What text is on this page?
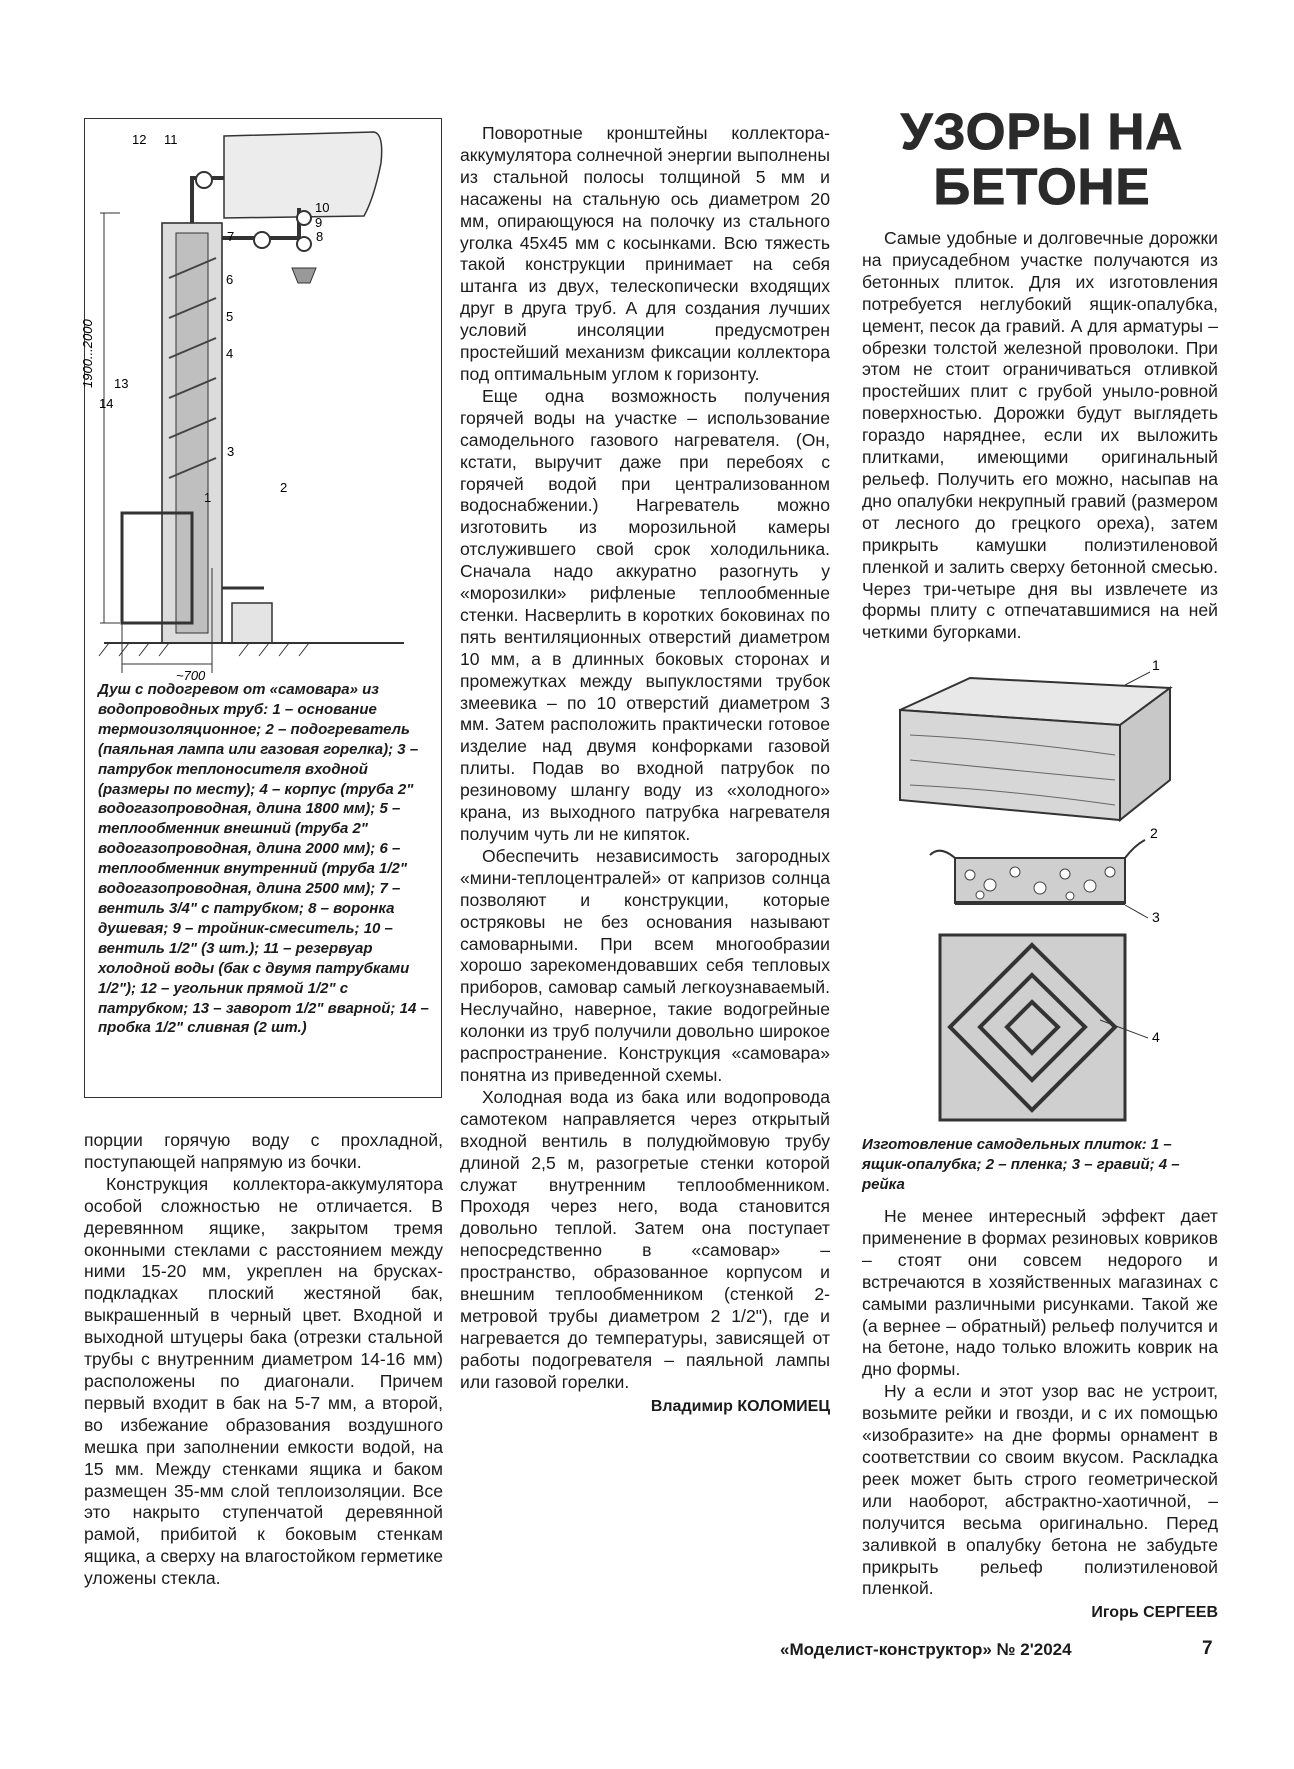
1900...2000
~700
1
2
3
4
5
6
7	8
9
10
11
12
13
14
Душ с подогревом от «самовара» из водопроводных труб: 1 – основание термоизоляционное; 2 – подогреватель (паяльная лампа или газовая горелка); 3 – патрубок теплоносителя входной (размеры по месту); 4 – корпус (труба 2" водогазопроводная, длина 1800 мм); 5 – теплообменник внешний (труба 2" водогазопроводная, длина 2000 мм); 6 – теплообменник внутренний (труба 1/2" водогазопроводная, длина 2500 мм); 7 – вентиль 3/4" с патрубком; 8 – воронка душевая; 9 – тройник-смеситель; 10 – вентиль 1/2" (3 шт.); 11 – резервуар холодной воды (бак с двумя патрубками 1/2"); 12 – угольник прямой 1/2" с патрубком; 13 – заворот 1/2" вварной; 14 – пробка 1/2" сливная (2 шт.)

порции горячую воду с прохладной, поступающей напрямую из бочки.

Конструкция коллектора-аккумулятора особой сложностью не отличается. В деревянном ящике, закрытом тремя оконными стеклами с расстоянием между ними 15-20 мм, укреплен на брусках-подкладках плоский жестяной бак, выкрашенный в черный цвет. Входной и выходной штуцеры бака (отрезки стальной трубы с внутренним диаметром 14-16 мм) расположены по диагонали. Причем первый входит в бак на 5-7 мм, а второй, во избежание образования воздушного мешка при заполнении емкости водой, на 15 мм. Между стенками ящика и баком размещен 35-мм слой теплоизоляции. Все это накрыто ступенчатой деревянной рамой, прибитой к боковым стенкам ящика, а сверху на влагостойком герметике уложены стекла.

Поворотные кронштейны коллектора-аккумулятора солнечной энергии выполнены из стальной полосы толщиной 5 мм и насажены на стальную ось диаметром 20 мм, опирающуюся на полочку из стального уголка 45х45 мм с косынками. Всю тяжесть такой конструкции принимает на себя штанга из двух, телескопически входящих друг в друга труб. А для создания лучших условий инсоляции предусмотрен простейший механизм фиксации коллектора под оптимальным углом к горизонту.

Еще одна возможность получения горячей воды на участке – использование самодельного газового нагревателя. (Он, кстати, выручит даже при перебоях с горячей водой при централизованном водоснабжении.) Нагреватель можно изготовить из морозильной камеры отслужившего свой срок холодильника. Сначала надо аккуратно разогнуть у «морозилки» рифленые теплообменные стенки. Насверлить в коротких боковинах по пять вентиляционных отверстий диаметром 10 мм, а в длинных боковых сторонах и промежутках между выпуклостями трубок змеевика – по 10 отверстий диаметром 3 мм. Затем расположить практически готовое изделие над двумя конфорками газовой плиты. Подав во входной патрубок по резиновому шлангу воду из «холодного» крана, из выходного патрубка нагревателя получим чуть ли не кипяток.

Обеспечить независимость загородных «мини-теплоцентралей» от капризов солнца позволяют и конструкции, которые остряковы не без основания называют самоварными. При всем многообразии хорошо зарекомендовавших себя тепловых приборов, самовар самый легкоузнаваемый. Неслучайно, наверное, такие водогрейные колонки из труб получили довольно широкое распространение. Конструкция «самовара» понятна из приведенной схемы.

Холодная вода из бака или водопровода самотеком направляется через открытый входной вентиль в полудюймовую трубу длиной 2,5 м, разогретые стенки которой служат внутренним теплообменником. Проходя через него, вода становится довольно теплой. Затем она поступает непосредственно в «самовар» – пространство, образованное корпусом и внешним теплообменником (стенкой 2-метровой трубы диаметром 2 1/2"), где и нагревается до температуры, зависящей от работы подогревателя – паяльной лампы или газовой горелки.

Владимир КОЛОМИЕЦ
УЗОРЫ НА
БЕТОНЕ

Самые удобные и долговечные дорожки на приусадебном участке получаются из бетонных плиток. Для их изготовления потребуется неглубокий ящик-опалубка, цемент, песок да гравий. А для арматуры – обрезки толстой железной проволоки. При этом не стоит ограничиваться отливкой простейших плит с грубой уныло-ровной поверхностью. Дорожки будут выглядеть гораздо наряднее, если их выложить плитками, имеющими оригинальный рельеф. Получить его можно, насыпав на дно опалубки некрупный гравий (размером от лесного до грецкого ореха), затем прикрыть камушки полиэтиленовой пленкой и залить сверху бетонной смесью. Через три-четыре дня вы извлечете из формы плиту с отпечатавшимися на ней четкими бугорками.

1
2
3
4
Изготовление самодельных плиток: 1 – ящик-опалубка; 2 – пленка; 3 – гравий; 4 – рейка

Не менее интересный эффект дает применение в формах резиновых ковриков – стоят они совсем недорого и встречаются в хозяйственных магазинах с самыми различными рисунками. Такой же (а вернее – обратный) рельеф получится и на бетоне, надо только вложить коврик на дно формы.

Ну а если и этот узор вас не устроит, возьмите рейки и гвозди, и с их помощью «изобразите» на дне формы орнамент в соответствии со своим вкусом. Раскладка реек может быть строго геометрической или наоборот, абстрактно-хаотичной, – получится весьма оригинально. Перед заливкой в опалубку бетона не забудьте прикрыть рельеф полиэтиленовой пленкой.

Игорь СЕРГЕЕВ
«Моделист-конструктор» № 2'2024	7
